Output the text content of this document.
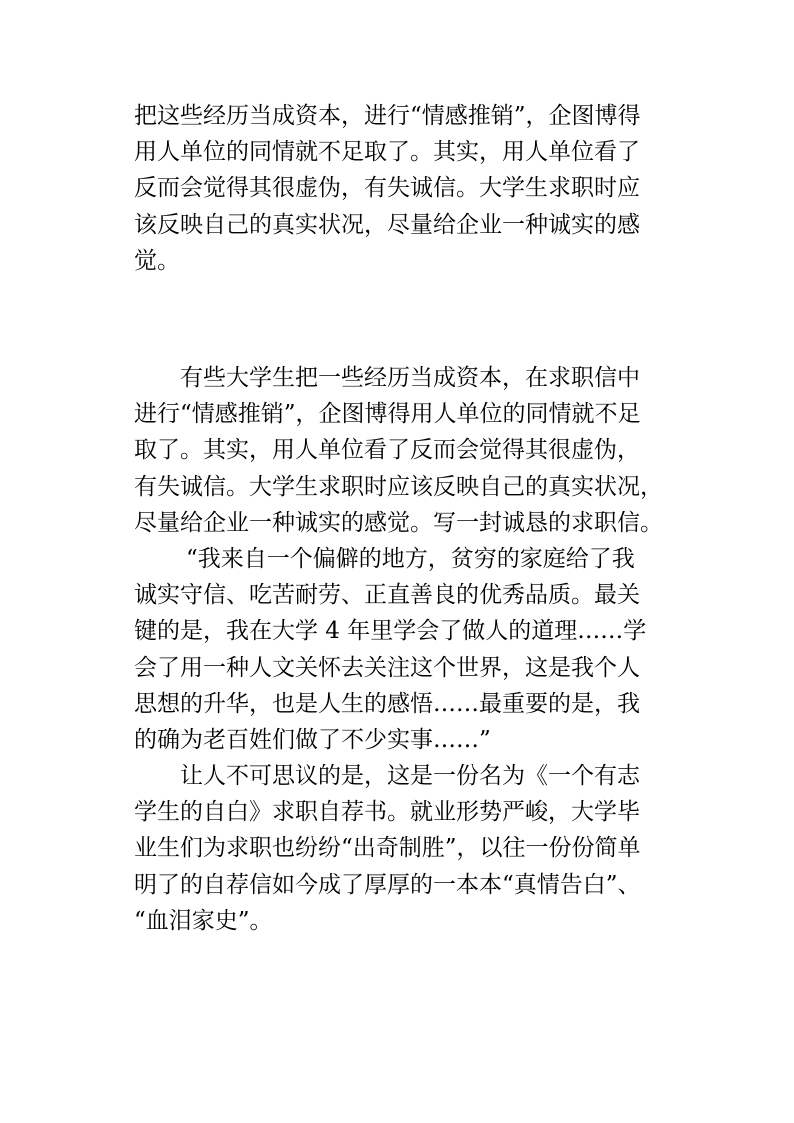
把这些经历当成资本，进行“情感推销”，企图博得
用人单位的同情就不足取了。其实，用人单位看了
反而会觉得其很虚伪，有失诚信。大学生求职时应
该反映自己的真实状况，尽量给企业一种诚实的感
觉。
有些大学生把一些经历当成资本，在求职信中
进行“情感推销”，企图博得用人单位的同情就不足
取了。其实，用人单位看了反而会觉得其很虚伪，
有失诚信。大学生求职时应该反映自己的真实状况，
尽量给企业一种诚实的感觉。写一封诚恳的求职信。
“我来自一个偏僻的地方，贫穷的家庭给了我
诚实守信、吃苦耐劳、正直善良的优秀品质。最关
键的是，我在大学 4 年里学会了做人的道理……学
会了用一种人文关怀去关注这个世界，这是我个人
思想的升华，也是人生的感悟……最重要的是，我
的确为老百姓们做了不少实事……”
让人不可思议的是，这是一份名为《一个有志
学生的自白》求职自荐书。就业形势严峻，大学毕
业生们为求职也纷纷“出奇制胜”，以往一份份简单
明了的自荐信如今成了厚厚的一本本“真情告白”、
“血泪家史”。
